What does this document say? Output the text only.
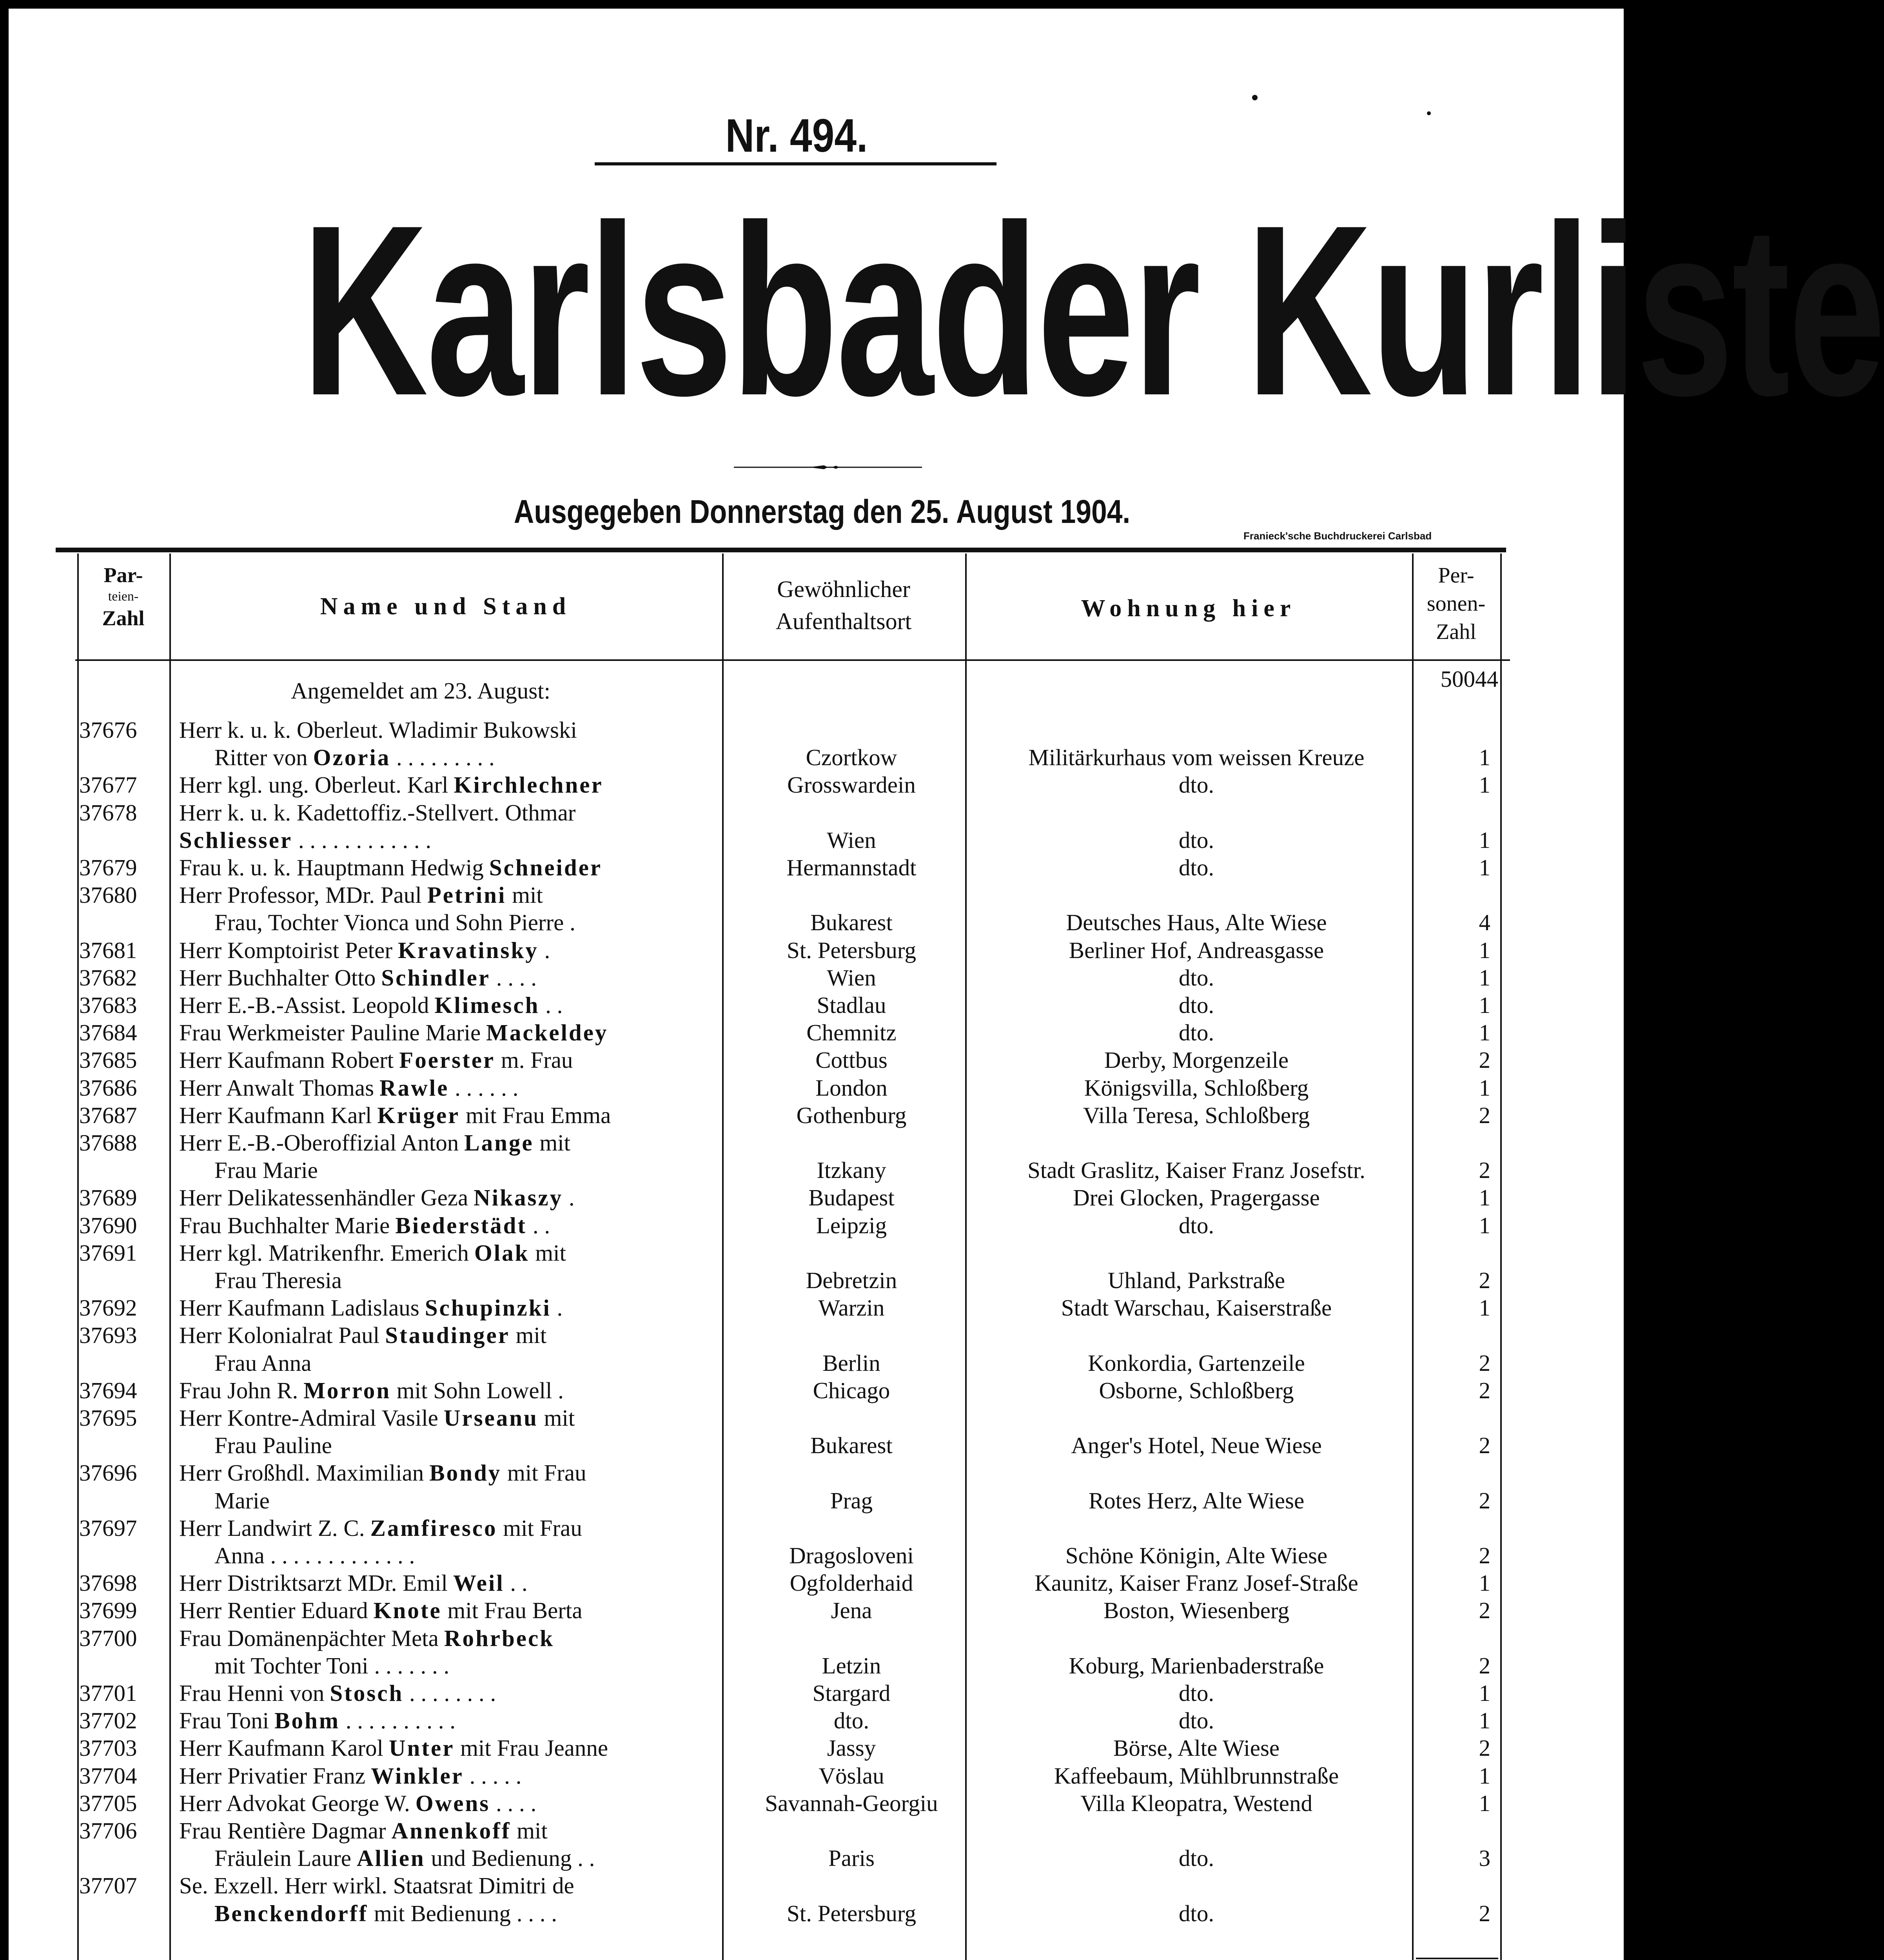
Nr. 494.
Karlsbader Kurliste
Ausgegeben Donnerstag den 25. August 1904.
Franieck'sche Buchdruckerei Carlsbad
Par-
teien-
Zahl	Name und Stand
Gewöhnlicher
Aufenthaltsort	Wohnung hier
Per-
sonen-
Zahl
50044
Angemeldet am 23. August:
37676	Herr k. u. k. Oberleut. Wladimir Bukowski
Ritter von Ozoria . . . . . . . . .	Czortkow	Militärkurhaus vom weissen Kreuze	1
37677	Herr kgl. ung. Oberleut. Karl Kirchlechner	Grosswardein	dto.	1
37678	Herr k. u. k. Kadettoffiz.-Stellvert. Othmar
Schliesser . . . . . . . . . . . .	Wien	dto.	1
37679	Frau k. u. k. Hauptmann Hedwig Schneider	Hermannstadt	dto.	1
37680	Herr Professor, MDr. Paul Petrini mit
Frau, Tochter Vionca und Sohn Pierre .	Bukarest	Deutsches Haus, Alte Wiese	4
37681	Herr Komptoirist Peter Kravatinsky .	St. Petersburg	Berliner Hof, Andreasgasse	1
37682	Herr Buchhalter Otto Schindler . . . .	Wien	dto.	1
37683	Herr E.-B.-Assist. Leopold Klimesch . .	Stadlau	dto.	1
37684	Frau Werkmeister Pauline Marie Mackeldey	Chemnitz	dto.	1
37685	Herr Kaufmann Robert Foerster m. Frau	Cottbus	Derby, Morgenzeile	2
37686	Herr Anwalt Thomas Rawle . . . . . .	London	Königsvilla, Schloßberg	1
37687	Herr Kaufmann Karl Krüger mit Frau Emma	Gothenburg	Villa Teresa, Schloßberg	2
37688	Herr E.-B.-Oberoffizial Anton Lange mit
Frau Marie	Itzkany	Stadt Graslitz, Kaiser Franz Josefstr.	2
37689	Herr Delikatessenhändler Geza Nikaszy .	Budapest	Drei Glocken, Pragergasse	1
37690	Frau Buchhalter Marie Biederstädt . .	Leipzig	dto.	1
37691	Herr kgl. Matrikenfhr. Emerich Olak mit
Frau Theresia	Debretzin	Uhland, Parkstraße	2
37692	Herr Kaufmann Ladislaus Schupinzki .	Warzin	Stadt Warschau, Kaiserstraße	1
37693	Herr Kolonialrat Paul Staudinger mit
Frau Anna	Berlin	Konkordia, Gartenzeile	2
37694	Frau John R. Morron mit Sohn Lowell .	Chicago	Osborne, Schloßberg	2
37695	Herr Kontre-Admiral Vasile Urseanu mit
Frau Pauline	Bukarest	Anger's Hotel, Neue Wiese	2
37696	Herr Großhdl. Maximilian Bondy mit Frau
Marie	Prag	Rotes Herz, Alte Wiese	2
37697	Herr Landwirt Z. C. Zamfiresco mit Frau
Anna . . . . . . . . . . . . .	Dragosloveni	Schöne Königin, Alte Wiese	2
37698	Herr Distriktsarzt MDr. Emil Weil . .	Ogfolderhaid	Kaunitz, Kaiser Franz Josef-Straße	1
37699	Herr Rentier Eduard Knote mit Frau Berta	Jena	Boston, Wiesenberg	2
37700	Frau Domänenpächter Meta Rohrbeck
mit Tochter Toni . . . . . . .	Letzin	Koburg, Marienbaderstraße	2
37701	Frau Henni von Stosch . . . . . . . .	Stargard	dto.	1
37702	Frau Toni Bohm . . . . . . . . . .	dto.	dto.	1
37703	Herr Kaufmann Karol Unter mit Frau Jeanne	Jassy	Börse, Alte Wiese	2
37704	Herr Privatier Franz Winkler . . . . .	Vöslau	Kaffeebaum, Mühlbrunnstraße	1
37705	Herr Advokat George W. Owens . . . .	Savannah-Georgiu	Villa Kleopatra, Westend	1
37706	Frau Rentière Dagmar Annenkoff mit
Fräulein Laure Allien und Bedienung . .	Paris	dto.	3
37707	Se. Exzell. Herr wirkl. Staatsrat Dimitri de
Benckendorff mit Bedienung . . . .	St. Petersburg	dto.	2
